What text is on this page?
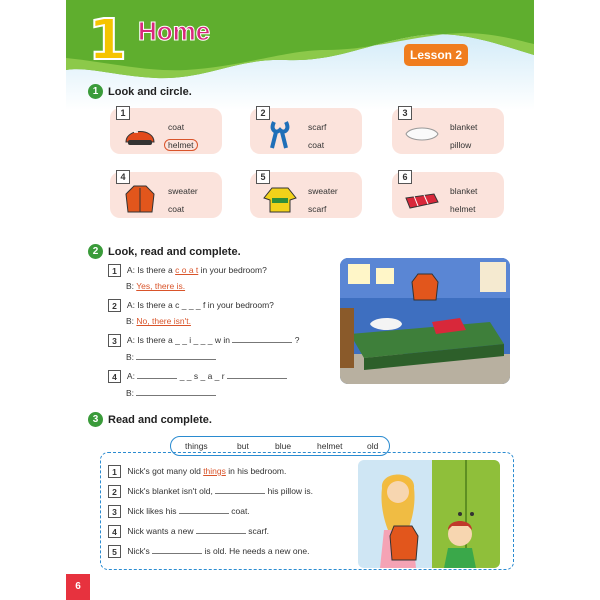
1 Home
Lesson 2
1 Look and circle.
1
coat
helmet
2
scarf
coat
3
blanket
pillow
4
sweater
coat
5
sweater
scarf
6
blanket
helmet
2 Look, read and complete.
1 A: Is there a c o a t in your bedroom?
B: Yes, there is.
2 A: Is there a c _ _ _ f in your bedroom?
B: No, there isn't.
3 A: Is there a _ _ i _ _ _ w in	?
B:
4 A:	_ _ s _ a _ r
B:
3 Read and complete.
things	but	blue	helmet	old
1 Nick's got many old things in his bedroom.
2 Nick's blanket isn't old,	his pillow is.
3 Nick likes his	coat.
4 Nick wants a new	scarf.
5 Nick's	is old. He needs a new one.
6
